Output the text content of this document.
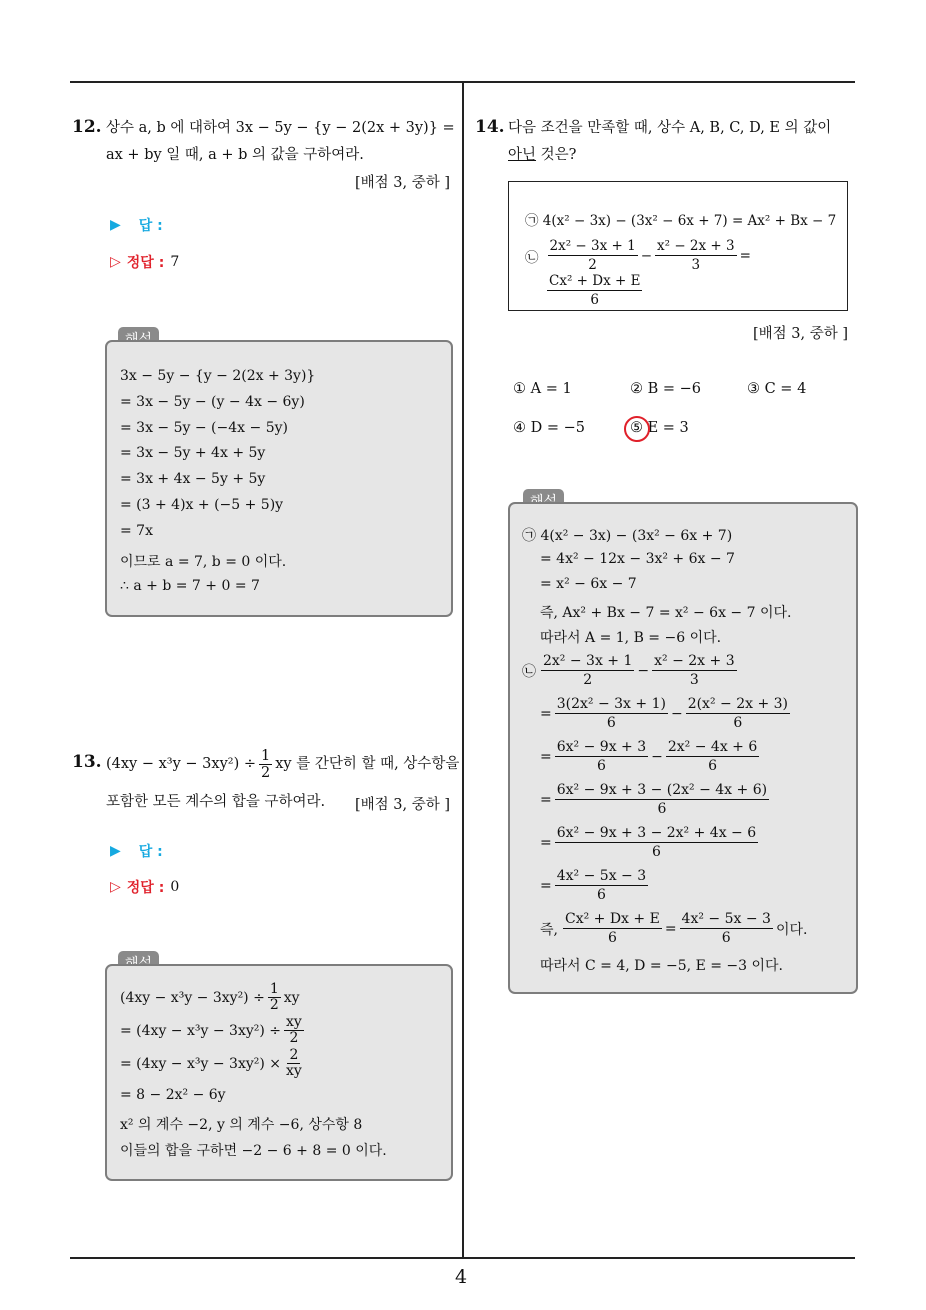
4
12. 상수 a, b 에 대하여 3x − 5y − {y − 2(2x + 3y)} =
ax + by 일 때, a + b 의 값을 구하여라.
[배점 3, 중하 ]
▶ 답 :
▷ 정답 : 7
3x − 5y − {y − 2(2x + 3y)}
= 3x − 5y − (y − 4x − 6y)
= 3x − 5y − (−4x − 5y)
= 3x − 5y + 4x + 5y
= 3x + 4x − 5y + 5y
= (3 + 4)x + (−5 + 5)y
= 7x
이므로 a = 7, b = 0 이다.
∴ a + b = 7 + 0 = 7
13. $(4xy - x^3y - 3xy^2) \div \frac{1}{2}$ xy 를 간단히 할 때, 상수항을
포함한 모든 계수의 합을 구하여라. [배점 3, 중하 ]
▶ 답 :
▷ 정답 : 0
$(4xy - x^3y - 3xy^2) \div \frac{1}{2}$ xy
= $(4xy - x^3y - 3xy^2) \div \frac{xy}{2}$
= $(4xy - x^3y - 3xy^2) \times \frac{2}{xy}$
= 8 − 2x² − 6y
x² 의 계수 −2, y 의 계수 −6, 상수항 8
이들의 합을 구하면 −2 − 6 + 8 = 0 이다.
14. 다음 조건을 만족할 때, 상수 A, B, C, D, E 의 값이
아닌 것은?
㉠ 4(x² − 3x) − (3x² − 6x + 7) = Ax² + Bx − 7
㉡ $\frac{\text{2x² − 3x + 1}}{2} - \frac{\text{x² − 2x + 3}}{3}$ =
$\frac{\text{Cx² + Dx + E}}{6}$
[배점 3, 중하 ]
① A = 1	② B = −6	③ C = 4
④ D = −5	⑤ E = 3
㉠ 4(x² − 3x) − (3x² − 6x + 7)
= 4x² − 12x − 3x² + 6x − 7
= x² − 6x − 7
즉, Ax² + Bx − 7 = x² − 6x − 7 이다.
따라서 A = 1, B = −6 이다.
㉡ $\frac{\text{2x² − 3x + 1}}{2} - \frac{\text{x² − 2x + 3}}{3}$
= $\frac{\text{3(2x² − 3x + 1)}}{6} - \frac{\text{2(x² − 2x + 3)}}{6}$
= $\frac{\text{6x² − 9x + 3}}{6} - \frac{\text{2x² − 4x + 6}}{6}$
= $\frac{\text{6x² − 9x + 3 − (2x² − 4x + 6)}}{6}$
= $\frac{\text{6x² − 9x + 3 − 2x² + 4x − 6}}{6}$
= $\frac{\text{4x² − 5x − 3}}{6}$
즉, $\frac{\text{Cx² + Dx + E}}{6} = \frac{\text{4x² − 5x − 3}}{6}$ 이다.
따라서 C = 4, D = −5, E = −3 이다.
